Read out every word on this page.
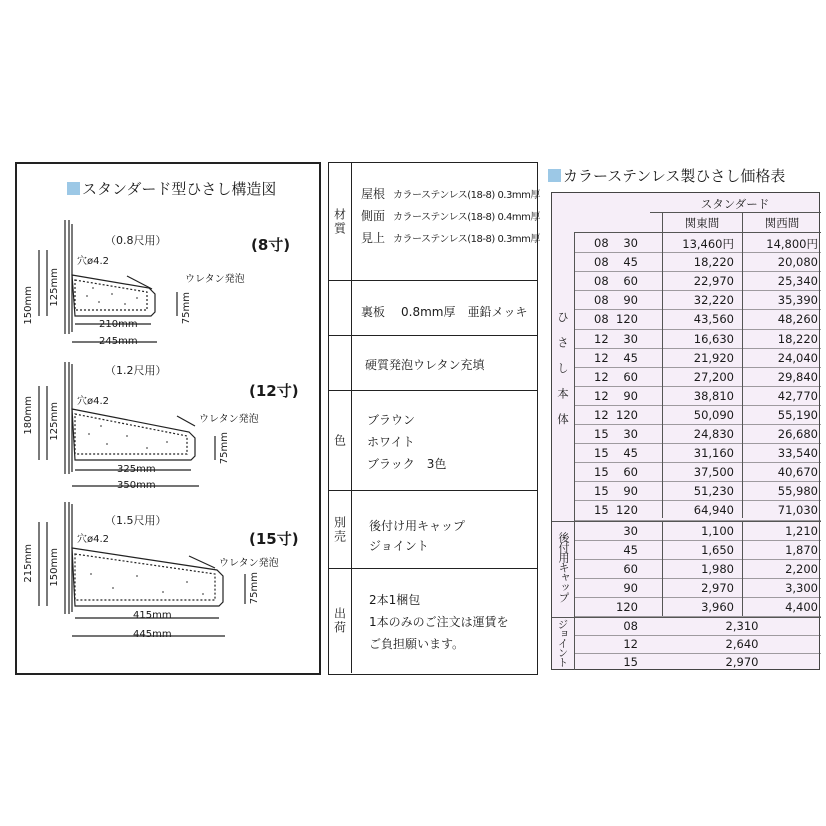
スタンダード型ひさし構造図
（0.8尺用）	(8寸)
穴ø4.2
ウレタン発泡
150mm 125mm
75mm
210mm
245mm
（1.2尺用）
(12寸)
穴ø4.2
ウレタン発泡
180mm 125mm
75mm
325mm
350mm
（1.5尺用）
(15寸)
穴ø4.2
ウレタン発泡
215mm 150mm
75mm
415mm
445mm
材質
屋根 カラーステンレス(18-8) 0.3mm厚
側面 カラーステンレス(18-8) 0.4mm厚
見上 カラーステンレス(18-8) 0.3mm厚
裏板 0.8mm厚　亜鉛メッキ
硬質発泡ウレタン充填
色
ブラウン
ホワイト
ブラック　3色
別売	後付け用キャップ
ジョイント
出荷
2本1梱包
1本のみのご注文は運賃を
ご負担願います。
カラーステンレス製ひさし価格表
スタンダード
関東間	関西間
ひさし本体
後付用キャップ
ジョイント
08	30	13,460円	14,800円
08	45	18,220	20,080
08	60	22,970	25,340
08	90	32,220	35,390
08 120	43,560	48,260
12	30	16,630	18,220
12	45	21,920	24,040
12	60	27,200	29,840
12	90	38,810	42,770
12 120	50,090	55,190
15	30	24,830	26,680
15	45	31,160	33,540
15	60	37,500	40,670
15	90	51,230	55,980
15 120	64,940	71,030
30	1,100	1,210
45	1,650	1,870
60	1,980	2,200
90	2,970	3,300
120	3,960	4,400
08	2,310
12	2,640
15	2,970
